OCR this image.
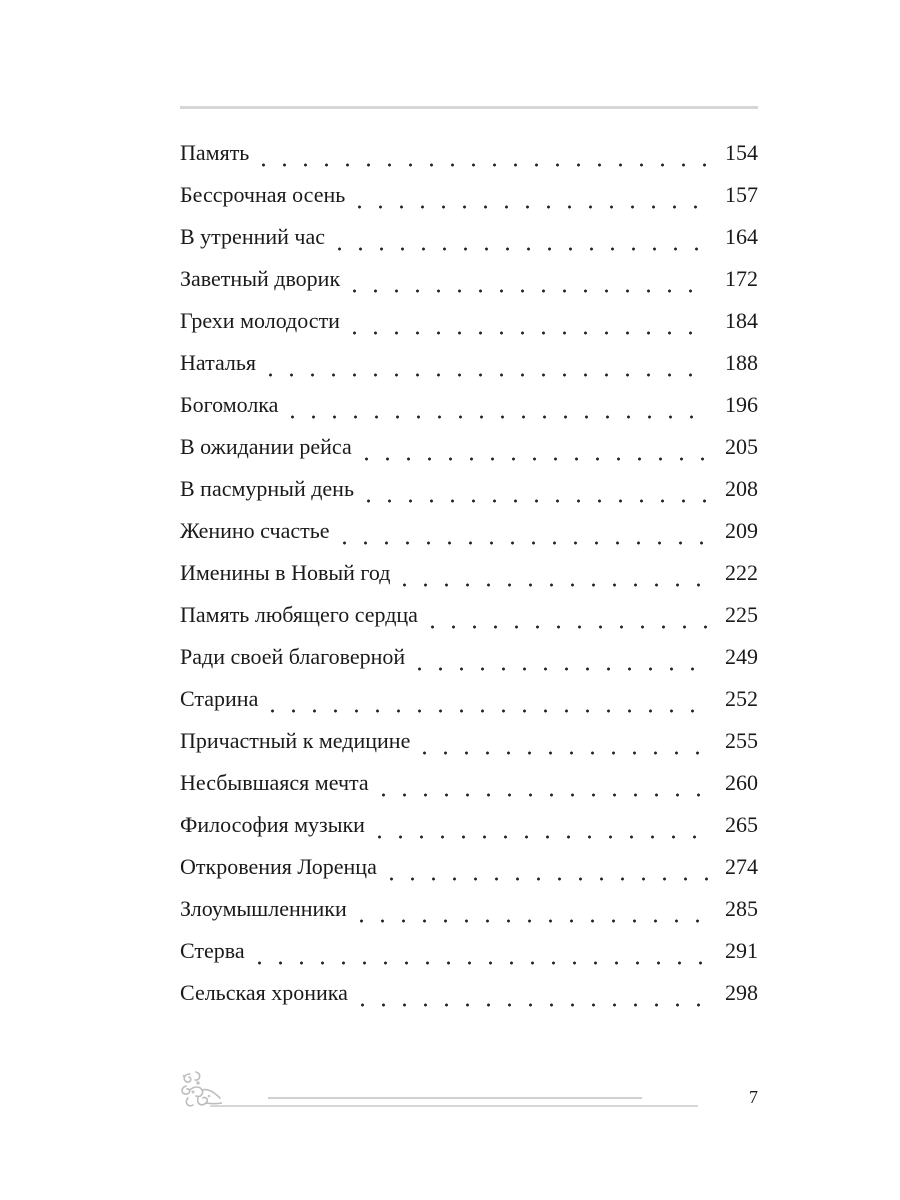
Память	154
Бессрочная осень	157
В утренний час	164
Заветный дворик	172
Грехи молодости	184
Наталья	188
Богомолка	196
В ожидании рейса	205
В пасмурный день	208
Женино счастье	209
Именины в Новый год	222
Память любящего сердца	225
Ради своей благоверной	249
Старина	252
Причастный к медицине	255
Несбывшаяся мечта	260
Философия музыки	265
Откровения Лоренца	274
Злоумышленники	285
Стерва	291
Сельская хроника	298
7
